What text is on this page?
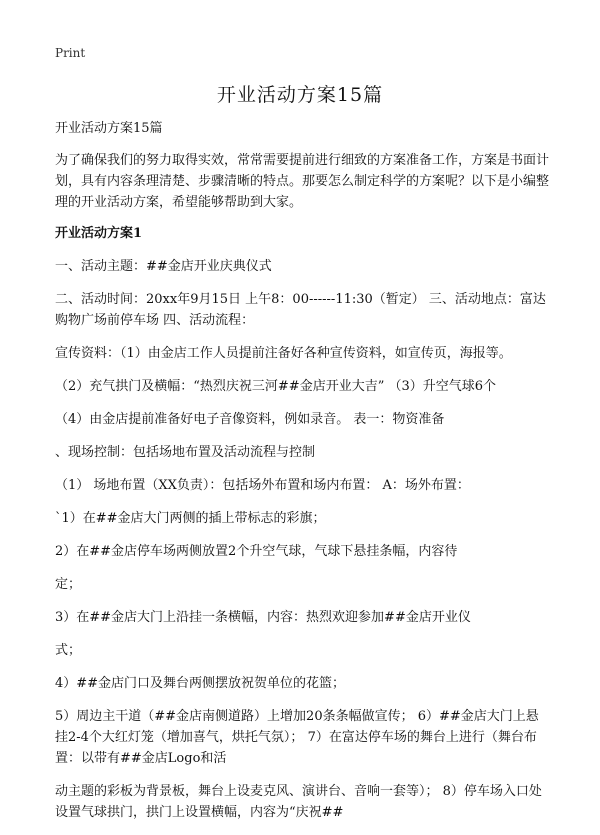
Print
开业活动方案15篇

开业活动方案15篇

为了确保我们的努力取得实效，常常需要提前进行细致的方案准备工作，方案是书面计划，具有内容条理清楚、步骤清晰的特点。那要怎么制定科学的方案呢？以下是小编整理的开业活动方案，希望能够帮助到大家。

开业活动方案1

一、活动主题：##金店开业庆典仪式

二、活动时间：20xx年9月15日 上午8：00------11:30（暂定） 三、活动地点：富达购物广场前停车场 四、活动流程：

宣传资料：（1）由金店工作人员提前注备好各种宣传资料，如宣传页，海报等。

（2）充气拱门及横幅：“热烈庆祝三河##金店开业大吉” （3）升空气球6个

（4）由金店提前准备好电子音像资料，例如录音。 表一：物资准备

、现场控制：包括场地布置及活动流程与控制

（1） 场地布置（XX负责）：包括场外布置和场内布置： A：场外布置：

`1）在##金店大门两侧的插上带标志的彩旗；

2）在##金店停车场两侧放置2个升空气球，气球下悬挂条幅，内容待

定；

3）在##金店大门上沿挂一条横幅，内容：热烈欢迎参加##金店开业仪

式；

4）##金店门口及舞台两侧摆放祝贺单位的花篮；

5）周边主干道（##金店南侧道路）上增加20条条幅做宣传； 6）##金店大门上悬挂2-4个大红灯笼（增加喜气，烘托气氛）； 7）在富达停车场的舞台上进行（舞台布置：以带有##金店Logo和活

动主题的彩板为背景板，舞台上设麦克风、演讲台、音响一套等）； 8）停车场入口处设置气球拱门，拱门上设置横幅，内容为“庆祝##
